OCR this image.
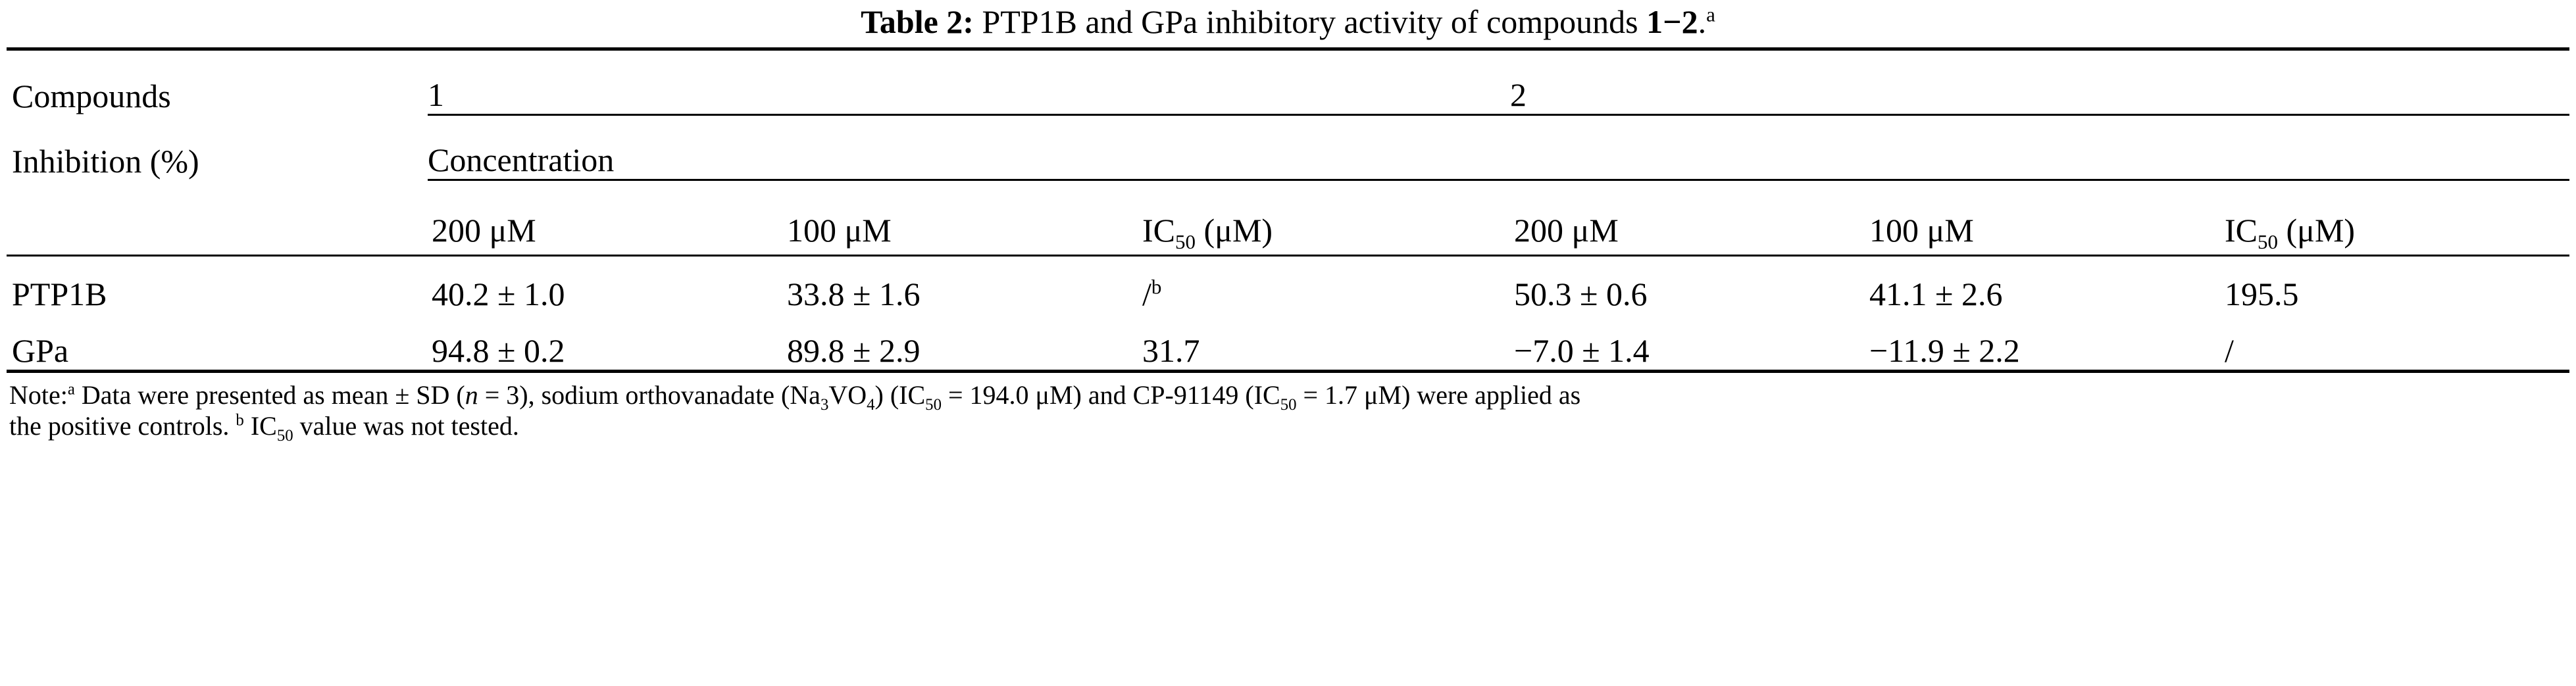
Table 2: PTP1B and GPa inhibitory activity of compounds 1−2.$^a$
Compounds	1			2		
Inhibition (%)	Concentration					
	200 μM	100 μM	$IC_{50}$ (μM)	200 μM	100 μM	$IC_{50}$ (μM)
PTP1B	40.2 ± 1.0	33.8 ± 1.6	/$^b$	50.3 ± 0.6	41.1 ± 2.6	195.5
GPa	94.8 ± 0.2	89.8 ± 2.9	31.7	−7.0 ± 1.4	−11.9 ± 2.2	/
Note:$^a$ Data were presented as mean ± SD (n = 3), sodium orthovanadate $(Na_3VO_4) (IC_{50} = 194.0$ μM) and CP-91149 ($IC_{50} = 1.7$ μM) were applied as
the positive controls. $^b$ $IC_{50}$ value was not tested.
